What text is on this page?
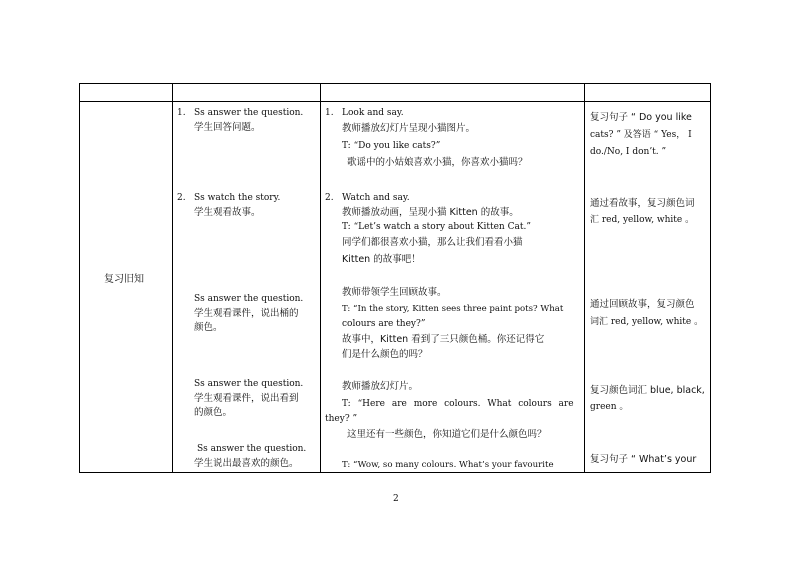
复习旧知
1. Ss answer the question.
学生回答问题。
2. Ss watch the story.
学生观看故事。
Ss answer the question.
学生观看课件，说出桶的
颜色。
Ss answer the question.
学生观看课件，说出看到
的颜色。
Ss answer the question.
学生说出最喜欢的颜色。
1. Look and say.
教师播放幻灯片呈现小猫图片。
T: “Do you like cats?”
歌谣中的小姑娘喜欢小猫，你喜欢小猫吗？
2. Watch and say.
教师播放动画，呈现小猫 Kitten 的故事。
T: “Let’s watch a story about Kitten Cat.”
同学们都很喜欢小猫，那么让我们看看小猫
Kitten 的故事吧！
教师带领学生回顾故事。
T: “In the story, Kitten sees three paint pots? What
colours are they?”
故事中，Kitten 看到了三只颜色桶。你还记得它
们是什么颜色的吗？
教师播放幻灯片。
T: “Here are more colours. What colours are
they? ”
这里还有一些颜色，你知道它们是什么颜色吗？
T: “Wow, so many colours. What’s your favourite
复习句子 “ Do you like
cats? ” 及答语 “ Yes， I
do./No, I don’t. ”
通过看故事，复习颜色词
汇 red, yellow, white 。
通过回顾故事，复习颜色
词汇 red, yellow, white 。
复习颜色词汇 blue, black,
green 。
复习句子 “ What’s your
2
